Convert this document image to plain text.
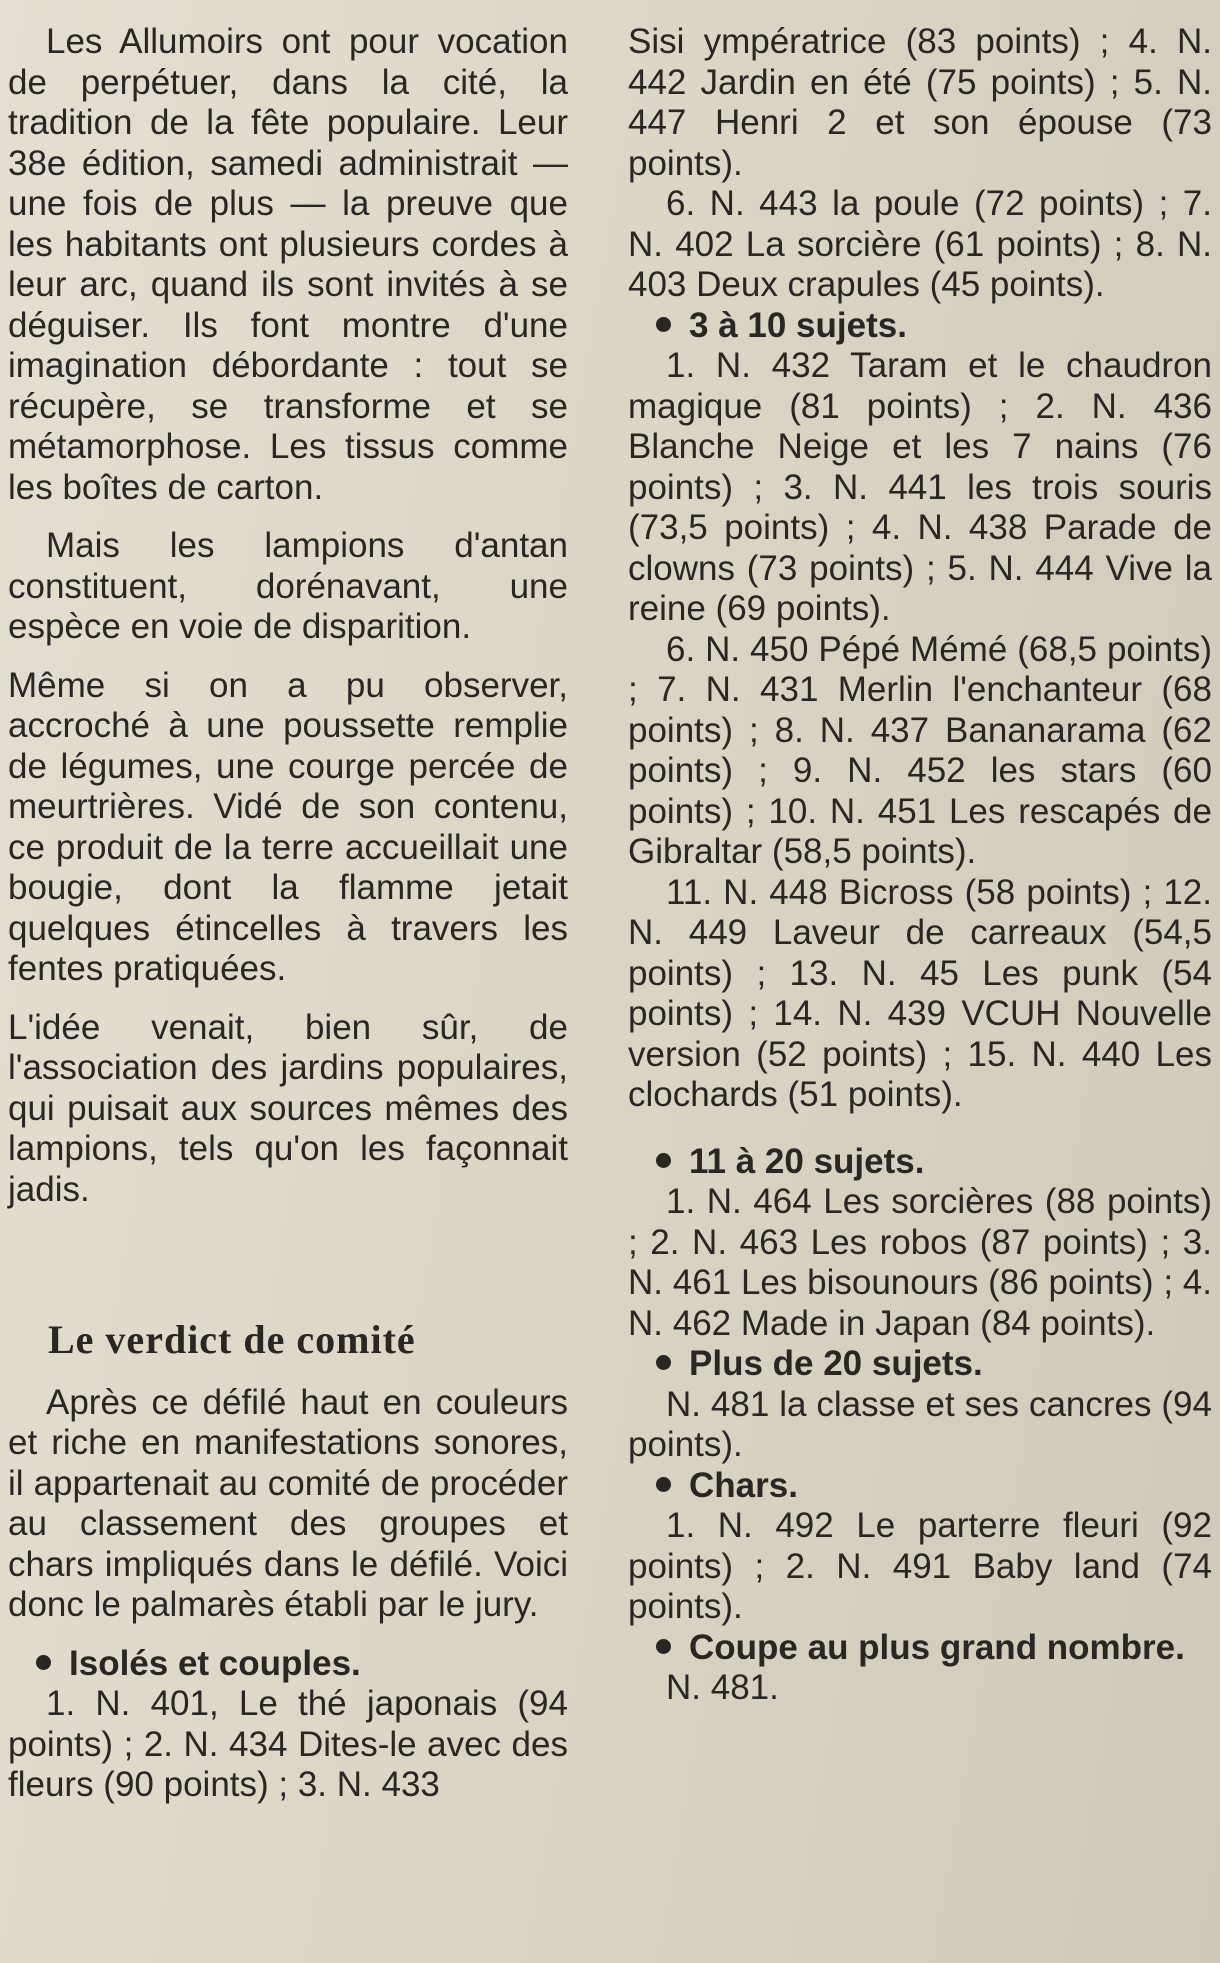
Les Allumoirs ont pour vocation de perpétuer, dans la cité, la tradition de la fête populaire. Leur 38e édition, samedi administrait — une fois de plus — la preuve que les habitants ont plusieurs cordes à leur arc, quand ils sont invités à se déguiser. Ils font montre d'une imagination débordante : tout se récupère, se transforme et se métamorphose. Les tissus comme les boîtes de carton.

Mais les lampions d'antan constituent, dorénavant, une espèce en voie de disparition.

Même si on a pu observer, accroché à une poussette remplie de légumes, une courge percée de meurtrières. Vidé de son contenu, ce produit de la terre accueillait une bougie, dont la flamme jetait quelques étincelles à travers les fentes pratiquées.

L'idée venait, bien sûr, de l'association des jardins populaires, qui puisait aux sources mêmes des lampions, tels qu'on les façonnait jadis.

Le verdict de comité

Après ce défilé haut en couleurs et riche en manifestations sonores, il appartenait au comité de procéder au classement des groupes et chars impliqués dans le défilé. Voici donc le palmarès établi par le jury.

Isolés et couples.

1. N. 401, Le thé japonais (94 points) ; 2. N. 434 Dites-le avec des fleurs (90 points) ; 3. N. 433

Sisi ympératrice (83 points) ; 4. N. 442 Jardin en été (75 points) ; 5. N. 447 Henri 2 et son épouse (73 points).

6. N. 443 la poule (72 points) ; 7. N. 402 La sorcière (61 points) ; 8. N. 403 Deux crapules (45 points).

3 à 10 sujets.

1. N. 432 Taram et le chaudron magique (81 points) ; 2. N. 436 Blanche Neige et les 7 nains (76 points) ; 3. N. 441 les trois souris (73,5 points) ; 4. N. 438 Parade de clowns (73 points) ; 5. N. 444 Vive la reine (69 points).

6. N. 450 Pépé Mémé (68,5 points) ; 7. N. 431 Merlin l'enchanteur (68 points) ; 8. N. 437 Bananarama (62 points) ; 9. N. 452 les stars (60 points) ; 10. N. 451 Les rescapés de Gibraltar (58,5 points).

11. N. 448 Bicross (58 points) ; 12. N. 449 Laveur de carreaux (54,5 points) ; 13. N. 45 Les punk (54 points) ; 14. N. 439 VCUH Nouvelle version (52 points) ; 15. N. 440 Les clochards (51 points).

11 à 20 sujets.

1. N. 464 Les sorcières (88 points) ; 2. N. 463 Les robos (87 points) ; 3. N. 461 Les bisounours (86 points) ; 4. N. 462 Made in Japan (84 points).

Plus de 20 sujets.

N. 481 la classe et ses cancres (94 points).

Chars.

1. N. 492 Le parterre fleuri (92 points) ; 2. N. 491 Baby land (74 points).

Coupe au plus grand nombre.

N. 481.
